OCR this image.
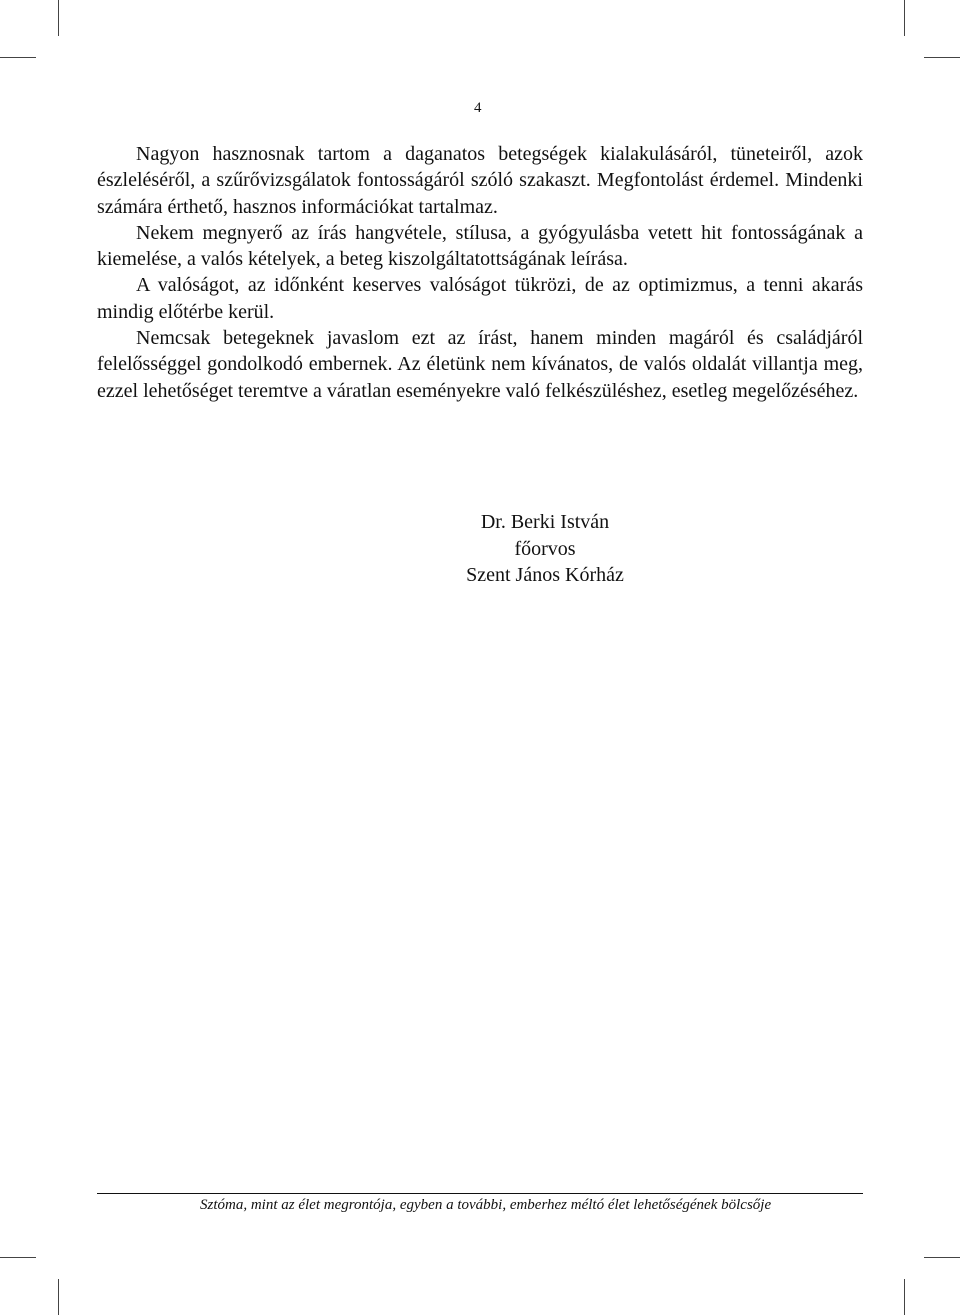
4

Nagyon hasznosnak tartom a daganatos betegségek kialakulásáról, tüneteiről, azok észleléséről, a szűrővizsgálatok fontosságáról szóló szakaszt. Megfontolást érdemel. Mindenki számára érthető, hasznos információkat tartalmaz.

Nekem megnyerő az írás hangvétele, stílusa, a gyógyulásba vetett hit fontosságának a kiemelése, a valós kételyek, a beteg kiszolgáltatottságának leírása.

A valóságot, az időnként keserves valóságot tükrözi, de az optimizmus, a tenni akarás mindig előtérbe kerül.

Nemcsak betegeknek javaslom ezt az írást, hanem minden magáról és családjáról felelősséggel gondolkodó embernek. Az életünk nem kívánatos, de valós oldalát villantja meg, ezzel lehetőséget teremtve a váratlan eseményekre való felkészüléshez, esetleg megelőzéséhez.

Dr. Berki István
főorvos
Szent János Kórház
Sztóma, mint az élet megrontója, egyben a további, emberhez méltó élet lehetőségének bölcsője
